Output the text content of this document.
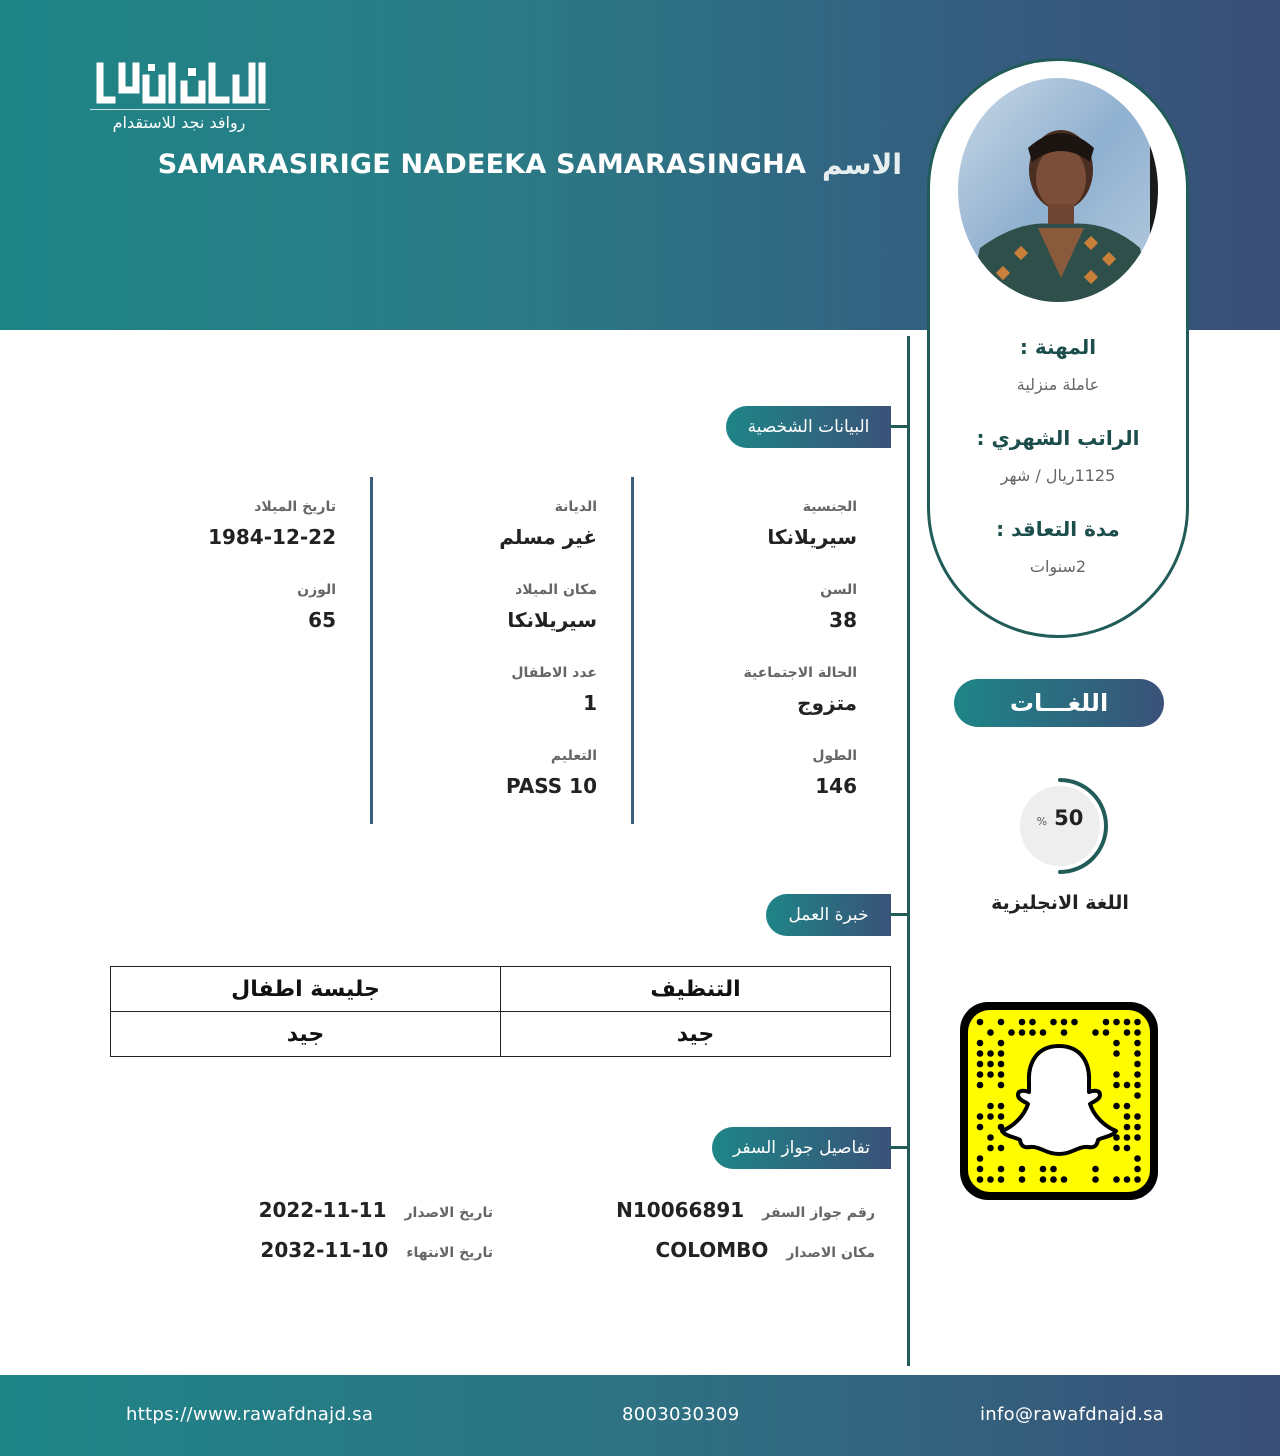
روافد نجد للاستقدام
الاسم
SAMARASIRIGE NADEEKA SAMARASINGHA
المهنة :
عاملة منزلية
الراتب الشهري :
1125ريال / شهر
مدة التعاقد :
2سنوات
اللغـــات
% 50
اللغة الانجليزية
البيانات الشخصية
الجنسية
سيريلانكا
السن
38
الحالة الاجتماعية
متزوج
الطول
146
الديانة
غير مسلم
مكان الميلاد
سيريلانكا
عدد الاطفال
1
التعليم
PASS 10
تاريخ الميلاد
1984-12-22
الوزن
65
خبرة العمل
التنظيف	جليسة اطفال
جيد	جيد
تفاصيل جواز السفر
رقم جواز السفر
N10066891
مكان الاصدار
COLOMBO
تاريخ الاصدار
2022-11-11
تاريخ الانتهاء
2032-11-10
https://www.rawafdnajd.sa	8003030309	info@rawafdnajd.sa
